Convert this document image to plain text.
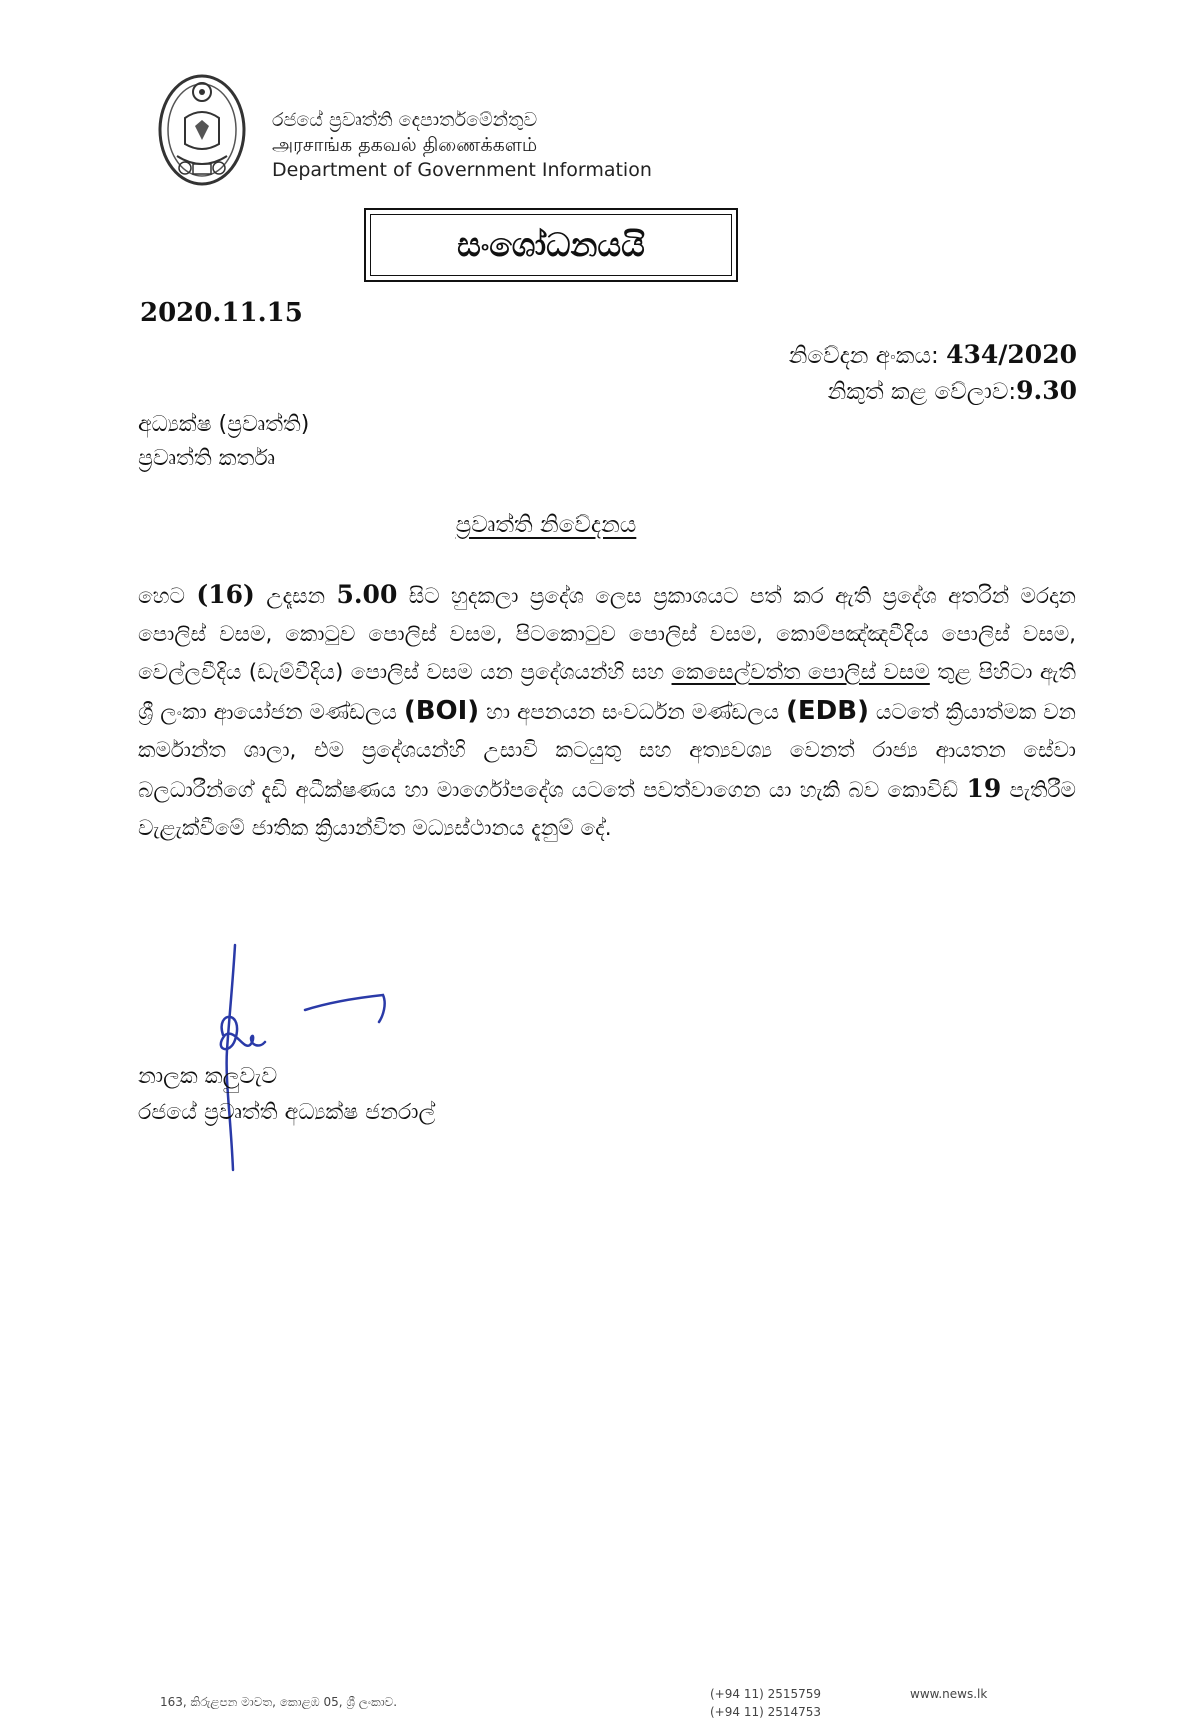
රජයේ ප්‍රවෘත්ති දෙපාර්තමේන්තුව
அரசாங்க தகவல் திணைக்களம்
Department of Government Information
සංශෝධනයයි
2020.11.15
නිවේදන අංකය: 434/2020
නිකුත් කළ වේලාව:9.30
අධ්‍යක්ෂ (ප්‍රවෘත්ති)
ප්‍රවෘත්ති කර්තෘ
ප්‍රවෘත්ති නිවේදනය
හෙට (16) උදෑසන 5.00 සිට හුදකලා ප්‍රදේශ ලෙස ප්‍රකාශයට පත් කර ඇති ප්‍රදේශ අතරින් මරදාන පොලිස් වසම, කොටුව පොලිස් වසම, පිටකොටුව පොලිස් වසම, කොම්පඤ්ඤවීදිය පොලිස් වසම, වෙල්ලවීදිය (ඩැම්වීදිය) පොලිස් වසම යන ප්‍රදේශයන්හි සහ කෙසෙල්වත්ත පොලිස් වසම තුළ පිහිටා ඇති ශ්‍රී ලංකා ආයෝජන මණ්ඩලය (BOI) හා අපනයන සංවර්ධන මණ්ඩලය (EDB) යටතේ ක්‍රියාත්මක වන කර්මාන්ත ශාලා, එම ප්‍රදේශයන්හි උසාවි කටයුතු සහ අත්‍යවශ්‍ය වෙනත් රාජ්‍ය ආයතන සේවා බලධාරීන්ගේ දැඩි අධීක්ෂණය හා මාර්ගෝපදේශ යටතේ පවත්වාගෙන යා හැකි බව කොවිඩ් 19 පැතිරීම වැළැක්වීමේ ජාතික ක්‍රියාන්විත මධ්‍යස්ථානය දැනුම් දේ.
නාලක කලුවැව
රජයේ ප්‍රවෘත්ති අධ්‍යක්ෂ ජනරාල්
163, කිරුළපන මාවත, කොළඹ 05, ශ්‍රී ලංකාව.
(+94 11) 2515759
(+94 11) 2514753
www.news.lk
